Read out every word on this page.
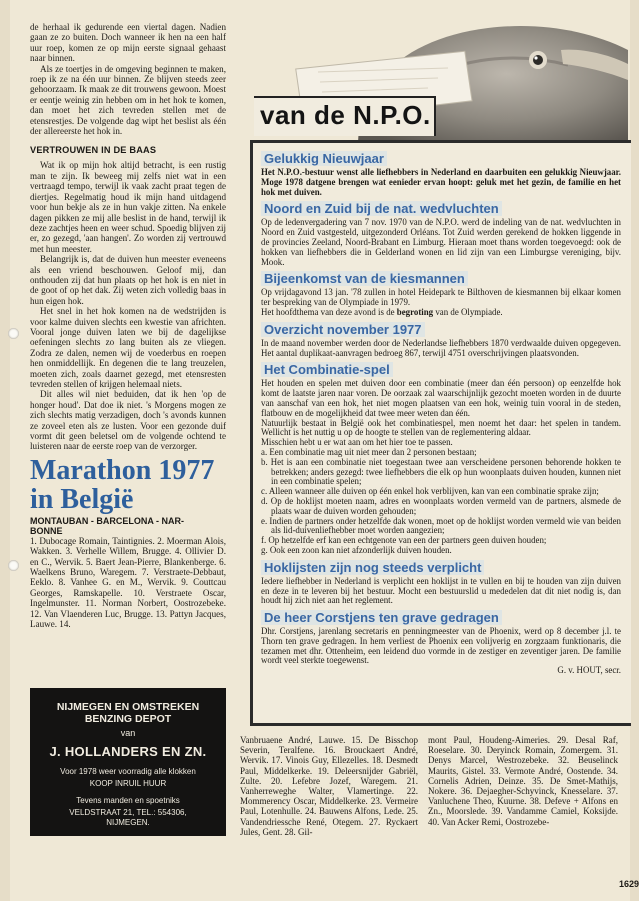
de herhaal ik gedurende een viertal dagen. Nadien gaan ze zo buiten. Doch wanneer ik hen na een half uur roep, komen ze op mijn eerste signaal gehaast naar binnen.

Als ze toertjes in de omgeving beginnen te maken, roep ik ze na één uur binnen. Ze blijven steeds zeer gehoorzaam. Ik maak ze dit trouwens gewoon. Moest er eentje weinig zin hebben om in het hok te komen, dan moet het zich tevreden stellen met de etensrestjes. De volgende dag wipt het beslist als één der allereerste het hok in.

VERTROUWEN IN DE BAAS

Wat ik op mijn hok altijd betracht, is een rustig man te zijn. Ik beweeg mij zelfs niet wat in een vertraagd tempo, terwijl ik vaak zacht praat tegen de diertjes. Regelmatig houd ik mijn hand uitdagend voor hun bekje als ze in hun vakje zitten. Na enkele dagen pikken ze mij alle beslist in de hand, terwijl ik deze zachtjes heen en weer schud. Spoedig blijven zij er, zo gezegd, 'aan hangen'. Zo worden zij vertrouwd met hun meester.

Belangrijk is, dat de duiven hun meester eveneens als een vriend beschouwen. Geloof mij, dan onthouden zij dat hun plaats op het hok is en niet in de goot of op het dak. Zij weten zich volledig baas in hun eigen hok.

Het snel in het hok komen na de wedstrijden is voor kalme duiven slechts een kwestie van africhten. Vooral jonge duiven laten we bij de dagelijkse oefeningen slechts zo lang buiten als ze vliegen. Zodra ze dalen, nemen wij de voederbus en roepen hen onmiddellijk. En degenen die te lang treuzelen, moeten zich, zoals daarnet gezegd, met etensresten tevreden stellen of krijgen helemaal niets.

Dit alles wil niet beduiden, dat ik hen 'op de honger houd'. Dat doe ik niet. 's Morgens mogen ze zich slechts matig verzadigen, doch 's avonds kunnen ze zoveel eten als ze lusten. Voor een gezonde duif vormt dit geen beletsel om de volgende ochtend te luisteren naar de eerste roep van de verzorger.

Marathon 1977
in België

MONTAUBAN - BARCELONA - NAR-
BONNE

1. Dubocage Romain, Taintignies. 2. Moerman Alois, Wakken. 3. Verhelle Willem, Brugge. 4. Ollivier D. en C., Wervik. 5. Baert Jean-Pierre, Blankenberge. 6. Waelkens Bruno, Waregem. 7. Verstraete-Debbaut, Eeklo. 8. Vanhee G. en M., Wervik. 9. Couttcau Georges, Ramskapelle. 10. Verstraete Oscar, Ingelmunster. 11. Norman Norbert, Oostrozebeke. 12. Van Vlaenderen Luc, Brugge. 13. Pattyn Jacques, Lauwe. 14.

NIJMEGEN EN OMSTREKEN
BENZING DEPOT
van
J. HOLLANDERS EN ZN.
Voor 1978 weer voorradig alle klokken
KOOP INRUIL HUUR
Tevens manden en spoetniks
VELDSTRAAT 21, TEL.: 554306,
NIJMEGEN.
van de N.P.O.
Gelukkig Nieuwjaar

Het N.P.O.-bestuur wenst alle liefhebbers in Nederland en daarbuiten een gelukkig Nieuwjaar. Moge 1978 datgene brengen wat eenieder ervan hoopt: geluk met het gezin, de familie en het hok met duiven.

Noord en Zuid bij de nat. wedvluchten

Op de ledenvergadering van 7 nov. 1970 van de N.P.O. werd de indeling van de nat. wedvluchten in Noord en Zuid vastgesteld, uitgezonderd Orléans. Tot Zuid werden gerekend de hokken liggende in de provincies Zeeland, Noord-Brabant en Limburg. Hieraan moet thans worden toegevoegd: ook de hokken van liefhebbers die in Gelderland wonen en lid zijn van een Limburgse vereniging, bijv. Mook.

Bijeenkomst van de kiesmannen

Op vrijdagavond 13 jan. '78 zullen in hotel Heidepark te Bilthoven de kiesmannen bij elkaar komen ter bespreking van de Olympiade in 1979.

Het hoofdthema van deze avond is de begroting van de Olympiade.

Overzicht november 1977

In de maand november werden door de Nederlandse liefhebbers 1870 verdwaalde duiven opgegeven. Het aantal duplikaat-aanvragen bedroeg 867, terwijl 4751 overschrijvingen plaatsvonden.

Het Combinatie-spel

Het houden en spelen met duiven door een combinatie (meer dan één persoon) op eenzelfde hok komt de laatste jaren naar voren. De oorzaak zal waarschijnlijk gezocht moeten worden in de duurte van aanschaf van een hok, het niet mogen plaatsen van een hok, weinig tuin vooral in de steden, flatbouw en de mogelijkheid dat twee meer weten dan één.

Natuurlijk bestaat in België ook het combinatiespel, men noemt het daar: het spelen in tandem. Wellicht is het nuttig u op de hoogte te stellen van de reglementering aldaar.

Misschien hebt u er wat aan om het hier toe te passen.

a. Een combinatie mag uit niet meer dan 2 personen bestaan;

b. Het is aan een combinatie niet toegestaan twee aan verscheidene personen behorende hokken te betrekken; anders gezegd: twee liefhebbers die elk op hun woonplaats duiven houden, kunnen niet in een combinatie spelen;

c. Alleen wanneer alle duiven op één enkel hok verblijven, kan van een combinatie sprake zijn;

d. Op de hoklijst moeten naam, adres en woonplaats worden vermeld van de partners, alsmede de plaats waar de duiven worden gehouden;

e. Indien de partners onder hetzelfde dak wonen, moet op de hoklijst worden vermeld wie van beiden als lid-duivenliefhebber moet worden aangezien;

f. Op hetzelfde erf kan een echtgenote van een der partners geen duiven houden;

g. Ook een zoon kan niet afzonderlijk duiven houden.

Hoklijsten zijn nog steeds verplicht

Iedere liefhebber in Nederland is verplicht een hoklijst in te vullen en bij te houden van zijn duiven en deze in te leveren bij het bestuur. Mocht een bestuurslid u mededelen dat dit niet nodig is, dan houdt hij zich niet aan het reglement.

De heer Corstjens ten grave gedragen

Dhr. Corstjens, jarenlang secretaris en penningmeester van de Phoenix, werd op 8 december j.l. te Thorn ten grave gedragen. In hem verliest de Phoenix een volijverig en zorgzaam funktionaris, die tezamen met dhr. Ottenheim, een leidend duo vormde in de zestiger en zeventiger jaren. De familie wordt veel sterkte toegewenst.

G. v. HOUT, secr.

Vanbruaene André, Lauwe. 15. De Bisschop Severin, Teralfene. 16. Brouckaert André, Wervik. 17. Vinois Guy, Ellezelles. 18. Desmedt Paul, Middelkerke. 19. Deleersnijder Gabriël, Zulte. 20. Lefebre Jozef, Waregem. 21. Vanherreweghe Walter, Vlamertinge. 22. Mommerency Oscar, Middelkerke. 23. Vermeire Paul, Lotenhulle. 24. Bauwens Alfons, Lede. 25. Vandendriessche René, Otegem. 27. Ryckaert Jules, Gent. 28. Gil-
mont Paul, Houdeng-Aimeries. 29. Desal Raf, Roeselare. 30. Deryinck Romain, Zomergem. 31. Denys Marcel, Westrozebeke. 32. Beuselinck Maurits, Gistel. 33. Vermote André, Oostende. 34. Cornelis Adrien, Deinze. 35. De Smet-Mathijs, Nokere. 36. Dejaegher-Schyvinck, Knesselare. 37. Vanluchene Theo, Kuurne. 38. Defeve + Alfons en Zn., Moorslede. 39. Vandamme Camiel, Koksijde. 40. Van Acker Remi, Oostrozebe-
1629
